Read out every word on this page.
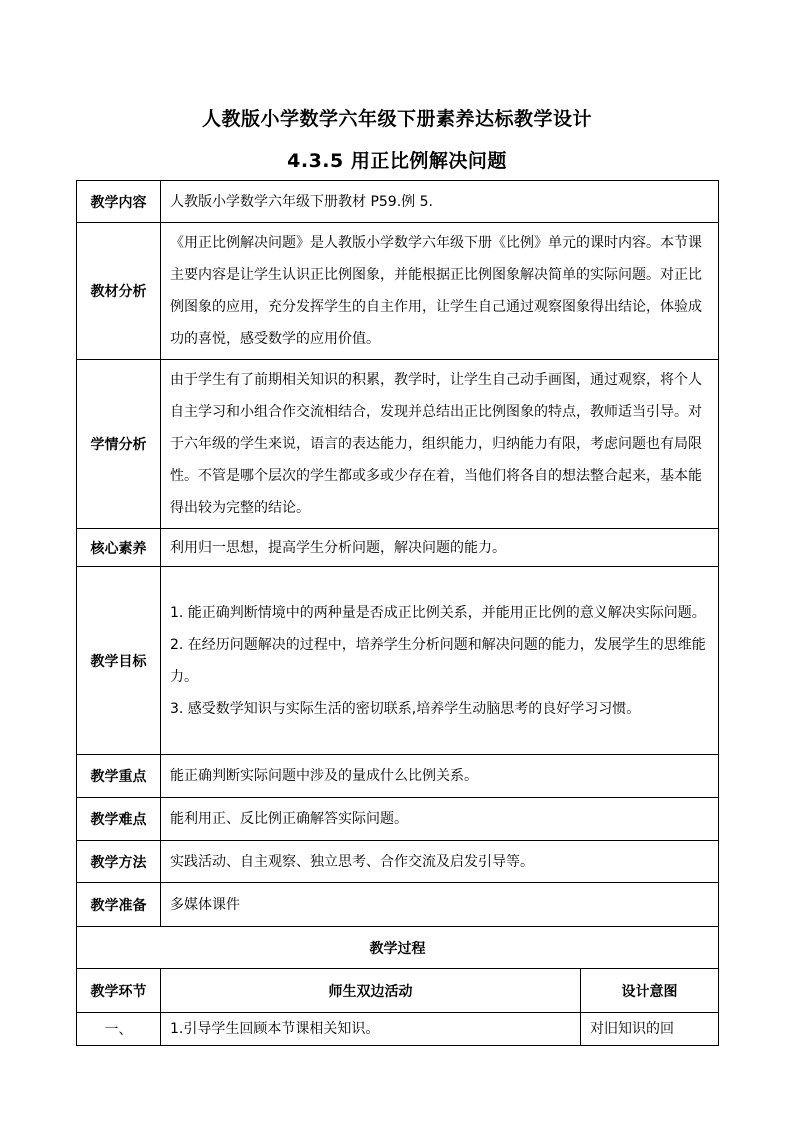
人教版小学数学六年级下册素养达标教学设计
4.3.5 用正比例解决问题
教学内容	人教版小学数学六年级下册教材 P59.例 5.	
教材分析	《用正比例解决问题》是人教版小学数学六年级下册《比例》单元的课时内容。本节课主要内容是让学生认识正比例图象，并能根据正比例图象解决简单的实际问题。对正比例图象的应用，充分发挥学生的自主作用，让学生自己通过观察图象得出结论，体验成功的喜悦，感受数学的应用价值。	
学情分析	由于学生有了前期相关知识的积累，教学时，让学生自己动手画图，通过观察，将个人自主学习和小组合作交流相结合，发现并总结出正比例图象的特点，教师适当引导。对于六年级的学生来说，语言的表达能力，组织能力，归纳能力有限，考虑问题也有局限性。不管是哪个层次的学生都或多或少存在着，当他们将各自的想法整合起来，基本能得出较为完整的结论。	
核心素养	利用归一思想，提高学生分析问题，解决问题的能力。	
教学目标	1. 能正确判断情境中的两种量是否成正比例关系，并能用正比例的意义解决实际问题。
2. 在经历问题解决的过程中，培养学生分析问题和解决问题的能力，发展学生的思维能力。
3. 感受数学知识与实际生活的密切联系,培养学生动脑思考的良好学习习惯。	

教学重点	能正确判断实际问题中涉及的量成什么比例关系。	
教学难点	能利用正、反比例正确解答实际问题。	
教学方法	实践活动、自主观察、独立思考、合作交流及启发引导等。	
教学准备	多媒体课件	
教学过程		
教学环节	师生双边活动	设计意图
一、	1.引导学生回顾本节课相关知识。	对旧知识的回
